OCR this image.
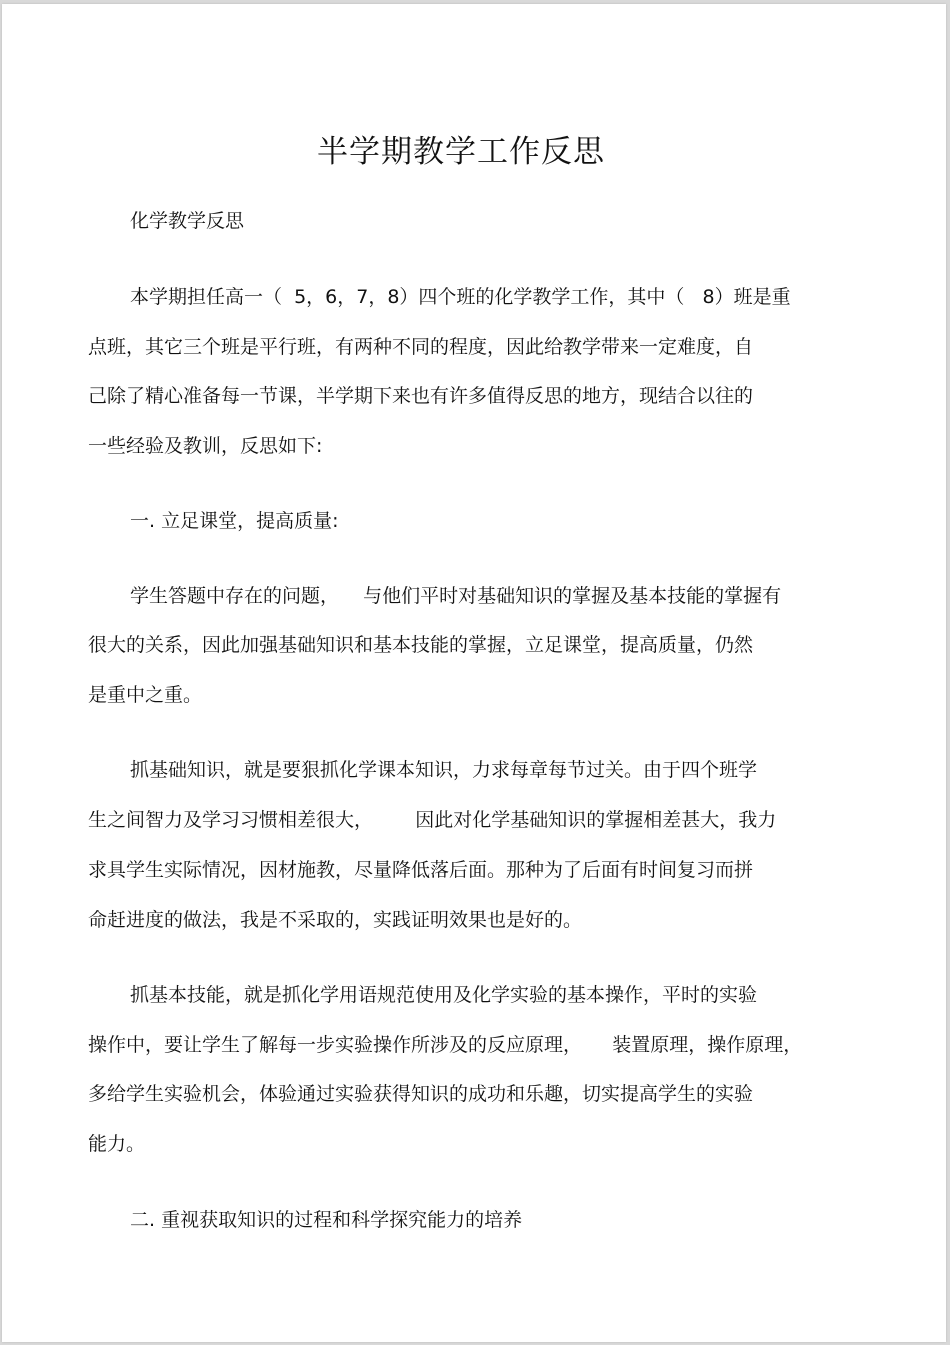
半学期教学工作反思
化学教学反思
本学期担任高一（  5，6，7，8）四个班的化学教学工作，其中（   8）班是重
点班，其它三个班是平行班，有两种不同的程度，因此给教学带来一定难度，自
己除了精心准备每一节课，半学期下来也有许多值得反思的地方，现结合以往的
一些经验及教训，反思如下:
一. 立足课堂，提高质量:
学生答题中存在的问题，    与他们平时对基础知识的掌握及基本技能的掌握有
很大的关系，因此加强基础知识和基本技能的掌握，立足课堂，提高质量，仍然
是重中之重。
抓基础知识，就是要狠抓化学课本知识，力求每章每节过关。由于四个班学
生之间智力及学习习惯相差很大，       因此对化学基础知识的掌握相差甚大，我力
求具学生实际情况，因材施教，尽量降低落后面。那种为了后面有时间复习而拼
命赶进度的做法，我是不采取的，实践证明效果也是好的。
抓基本技能，就是抓化学用语规范使用及化学实验的基本操作，平时的实验
操作中，要让学生了解每一步实验操作所涉及的反应原理，     装置原理，操作原理，
多给学生实验机会，体验通过实验获得知识的成功和乐趣，切实提高学生的实验
能力。
二. 重视获取知识的过程和科学探究能力的培养
